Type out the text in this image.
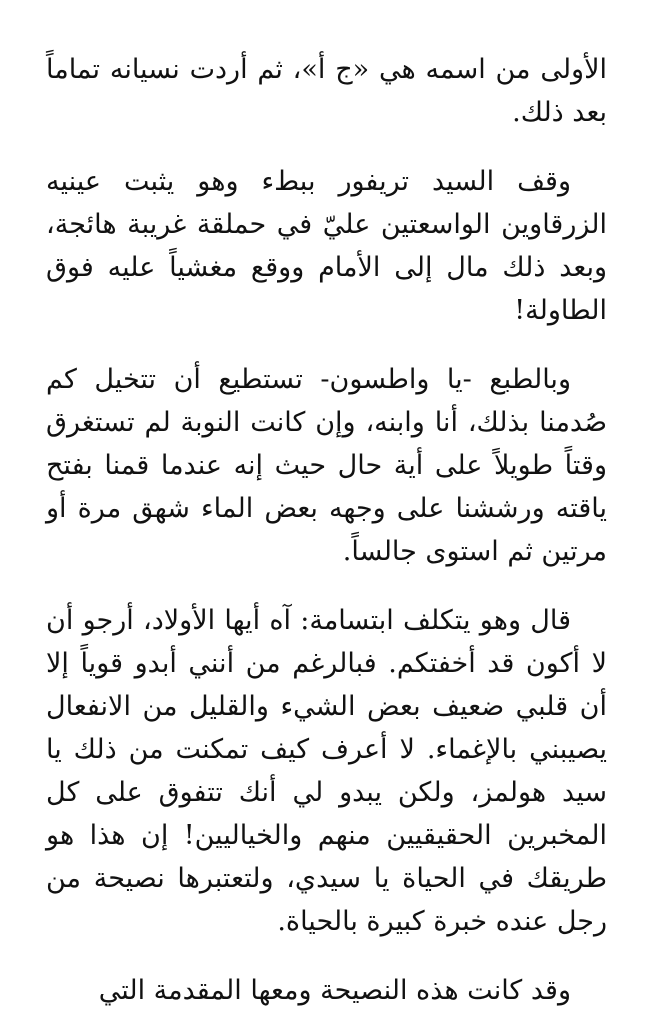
الأولى من اسمه هي «ج أ»، ثم أردت نسيانه تماماً بعد ذلك.

وقف السيد تريفور ببطء وهو يثبت عينيه الزرقاوين الواسعتين عليّ في حملقة غريبة هائجة، وبعد ذلك مال إلى الأمام ووقع مغشياً عليه فوق الطاولة!

وبالطبع -يا واطسون- تستطيع أن تتخيل كم صُدمنا بذلك، أنا وابنه، وإن كانت النوبة لم تستغرق وقتاً طويلاً على أية حال حيث إنه عندما قمنا بفتح ياقته ورششنا على وجهه بعض الماء شهق مرة أو مرتين ثم استوى جالساً.

قال وهو يتكلف ابتسامة: آه أيها الأولاد، أرجو أن لا أكون قد أخفتكم. فبالرغم من أنني أبدو قوياً إلا أن قلبي ضعيف بعض الشيء والقليل من الانفعال يصيبني بالإغماء. لا أعرف كيف تمكنت من ذلك يا سيد هولمز، ولكن يبدو لي أنك تتفوق على كل المخبرين الحقيقيين منهم والخياليين! إن هذا هو طريقك في الحياة يا سيدي، ولتعتبرها نصيحة من رجل عنده خبرة كبيرة بالحياة.

وقد كانت هذه النصيحة ومعها المقدمة التي
